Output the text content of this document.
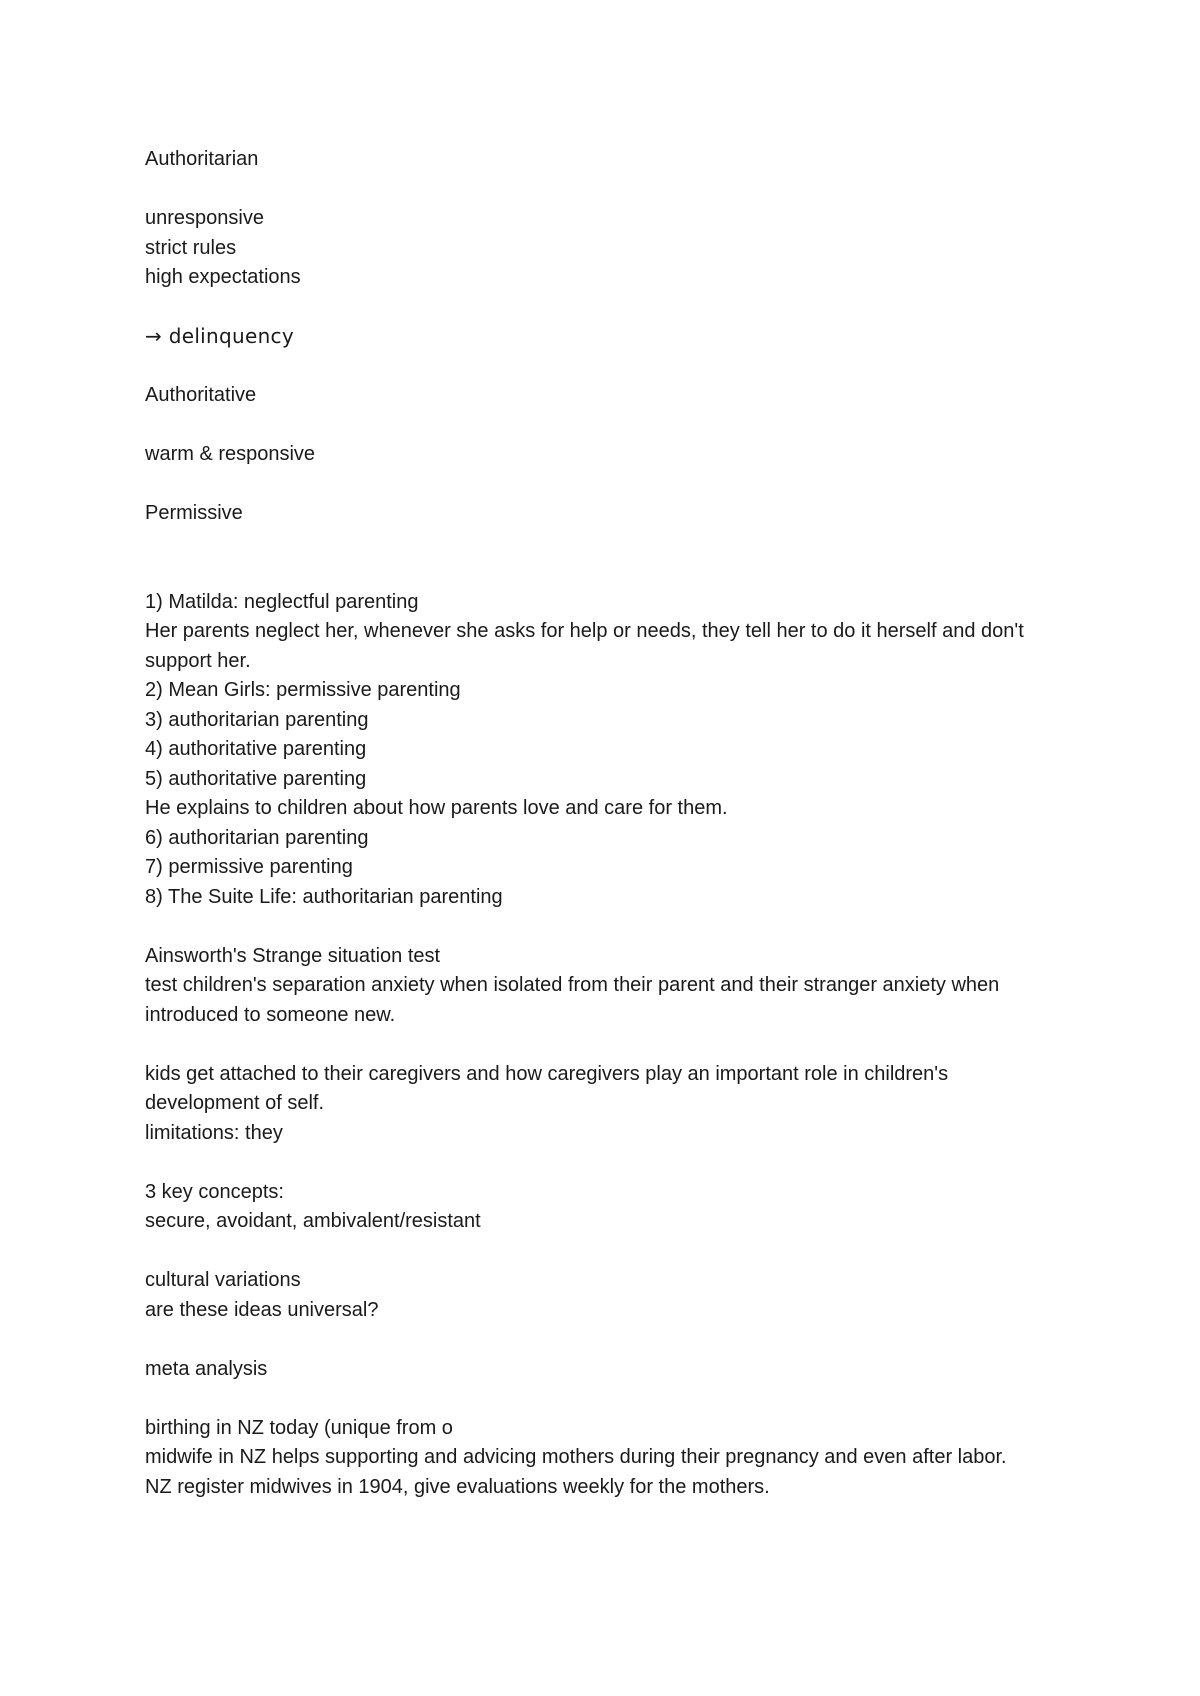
Authoritarian
unresponsive
strict rules
high expectations
→ delinquency
Authoritative
warm & responsive
Permissive
1) Matilda: neglectful parenting
Her parents neglect her, whenever she asks for help or needs, they tell her to do it herself and don't support her.
2) Mean Girls: permissive parenting
3) authoritarian parenting
4) authoritative parenting
5) authoritative parenting
He explains to children about how parents love and care for them.
6) authoritarian parenting
7) permissive parenting
8) The Suite Life: authoritarian parenting
Ainsworth's Strange situation test
test children's separation anxiety when isolated from their parent and their stranger anxiety when introduced to someone new.
kids get attached to their caregivers and how caregivers play an important role in children's development of self.
limitations: they
3 key concepts:
secure, avoidant, ambivalent/resistant
cultural variations
are these ideas universal?
meta analysis
birthing in NZ today (unique from o
midwife in NZ helps supporting and advicing mothers during their pregnancy and even after labor.
NZ register midwives in 1904, give evaluations weekly for the mothers.
